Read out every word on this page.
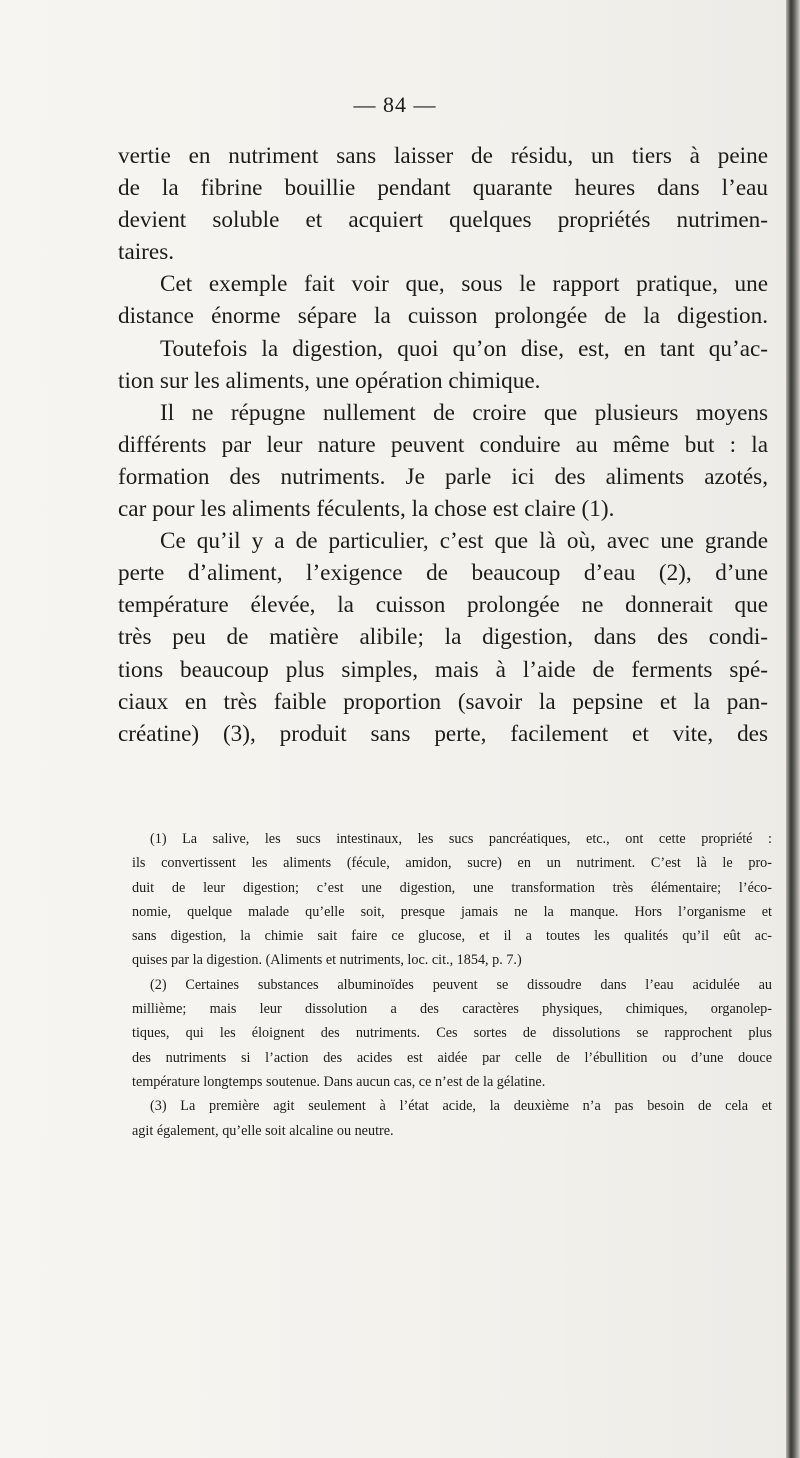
— 84 —
vertie en nutriment sans laisser de résidu, un tiers à peine
de la fibrine bouillie pendant quarante heures dans l’eau
devient soluble et acquiert quelques propriétés nutrimen-
taires.
Cet exemple fait voir que, sous le rapport pratique, une
distance énorme sépare la cuisson prolongée de la digestion.
Toutefois la digestion, quoi qu’on dise, est, en tant qu’ac-
tion sur les aliments, une opération chimique.
Il ne répugne nullement de croire que plusieurs moyens
différents par leur nature peuvent conduire au même but : la
formation des nutriments. Je parle ici des aliments azotés,
car pour les aliments féculents, la chose est claire (1).
Ce qu’il y a de particulier, c’est que là où, avec une grande
perte d’aliment, l’exigence de beaucoup d’eau (2), d’une
température élevée, la cuisson prolongée ne donnerait que
très peu de matière alibile; la digestion, dans des condi-
tions beaucoup plus simples, mais à l’aide de ferments spé-
ciaux en très faible proportion (savoir la pepsine et la pan-
créatine) (3), produit sans perte, facilement et vite, des
(1) La salive, les sucs intestinaux, les sucs pancréatiques, etc., ont cette propriété :
ils convertissent les aliments (fécule, amidon, sucre) en un nutriment. C’est là le pro-
duit de leur digestion; c’est une digestion, une transformation très élémentaire; l’éco-
nomie, quelque malade qu’elle soit, presque jamais ne la manque. Hors l’organisme et
sans digestion, la chimie sait faire ce glucose, et il a toutes les qualités qu’il eût ac-
quises par la digestion. (Aliments et nutriments, loc. cit., 1854, p. 7.)
(2) Certaines substances albuminoïdes peuvent se dissoudre dans l’eau acidulée au
millième; mais leur dissolution a des caractères physiques, chimiques, organolep-
tiques, qui les éloignent des nutriments. Ces sortes de dissolutions se rapprochent plus
des nutriments si l’action des acides est aidée par celle de l’ébullition ou d’une douce
température longtemps soutenue. Dans aucun cas, ce n’est de la gélatine.
(3) La première agit seulement à l’état acide, la deuxième n’a pas besoin de cela et
agit également, qu’elle soit alcaline ou neutre.
